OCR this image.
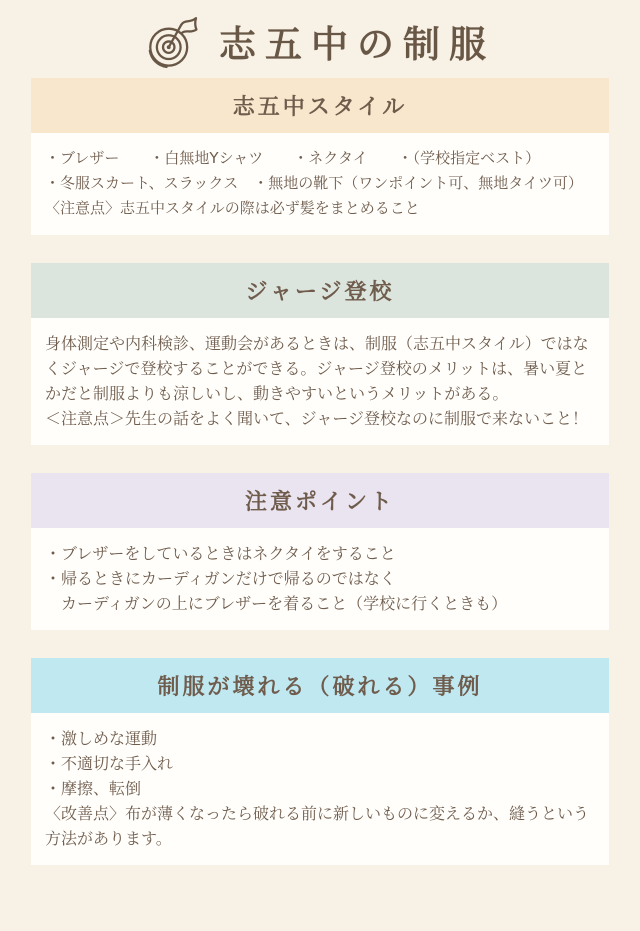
志五中の制服
志五中スタイル

・ブレザー　　・白無地Yシャツ　　・ネクタイ　　・（学校指定ベスト）

・冬服スカート、スラックス　・無地の靴下（ワンポイント可、無地タイツ可）

〈注意点〉志五中スタイルの際は必ず髪をまとめること

ジャージ登校

身体測定や内科検診、運動会があるときは、制服（志五中スタイル）ではなくジャージで登校することができる。ジャージ登校のメリットは、暑い夏とかだと制服よりも涼しいし、動きやすいというメリットがある。

＜注意点＞先生の話をよく聞いて、ジャージ登校なのに制服で来ないこと！

注意ポイント

・ブレザーをしているときはネクタイをすること

・帰るときにカーディガンだけで帰るのではなく

　カーディガンの上にブレザーを着ること（学校に行くときも）

制服が壊れる（破れる）事例

・激しめな運動

・不適切な手入れ

・摩擦、転倒

〈改善点〉布が薄くなったら破れる前に新しいものに変えるか、縫うという方法があります。
